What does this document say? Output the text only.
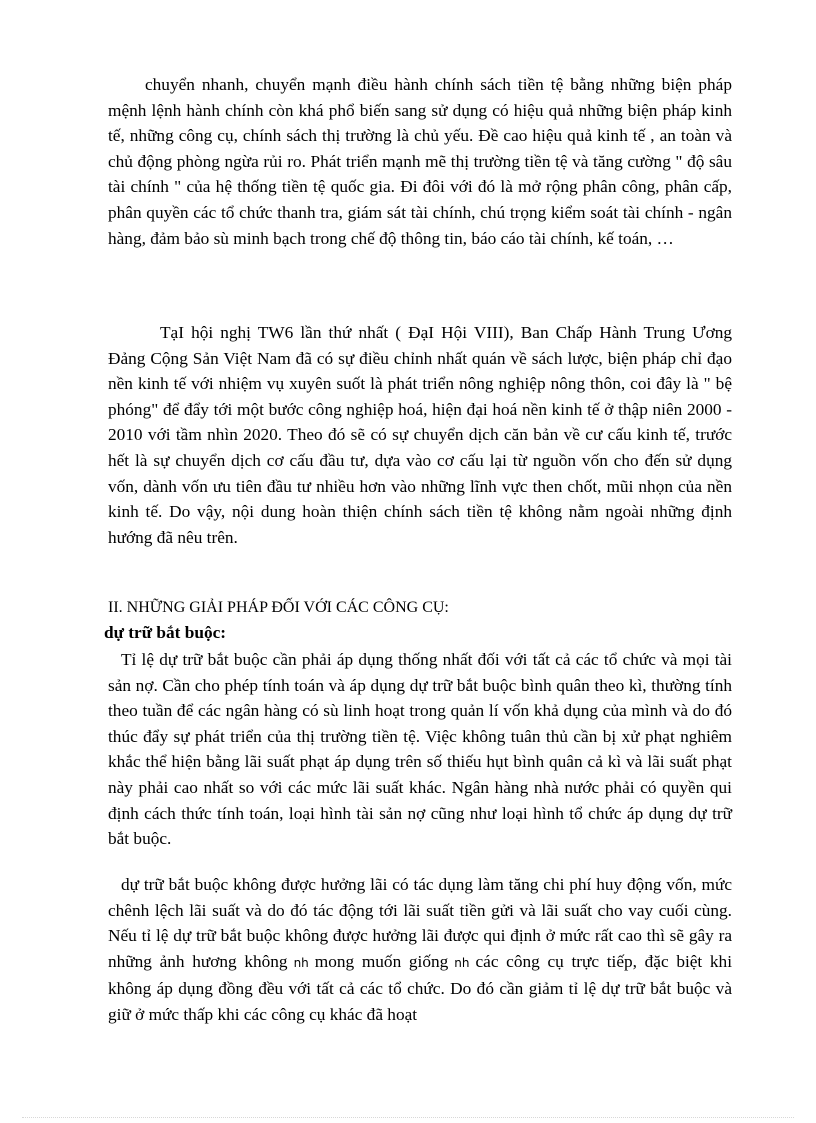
chuyển nhanh, chuyển mạnh điều hành chính sách tiền tệ bằng những biện pháp mệnh lệnh hành chính còn khá phổ biến sang sử dụng có hiệu quả những biện pháp kinh tế, những công cụ, chính sách thị trường là chủ yếu. Đề cao hiệu quả kinh tế , an toàn và chủ động phòng ngừa rủi ro. Phát triển mạnh mẽ thị trường tiền tệ và tăng cường " độ sâu tài chính " của hệ thống tiền tệ quốc gia. Đi đôi với đó là mở rộng phân công, phân cấp, phân quyền các tổ chức thanh tra, giám sát tài chính, chú trọng kiểm soát tài chính - ngân hàng, đảm bảo sù minh bạch trong chế độ thông tin, báo cáo tài chính, kế toán, …

TạI hội nghị TW6 lần thứ nhất ( ĐạI Hội VIII), Ban Chấp Hành Trung Ương Đảng Cộng Sản Việt Nam đã có sự điều chỉnh nhất quán về sách lược, biện pháp chỉ đạo nền kinh tế với nhiệm vụ xuyên suốt là phát triển nông nghiệp nông thôn, coi đây là " bệ phóng" để đẩy tới một bước công nghiệp hoá, hiện đại hoá nền kinh tế ở thập niên 2000 - 2010 với tầm nhìn 2020. Theo đó sẽ có sự chuyển dịch căn bản về cư cấu kinh tế, trước hết là sự chuyển dịch cơ cấu đầu tư, dựa vào cơ cấu lại từ nguồn vốn cho đến sử dụng vốn, dành vốn ưu tiên đầu tư nhiều hơn vào những lĩnh vực then chốt, mũi nhọn của nền kinh tế. Do vậy, nội dung hoàn thiện chính sách tiền tệ không nằm ngoài những định hướng đã nêu trên.

II. NHỮNG GIẢI PHÁP ĐỐI VỚI CÁC CÔNG CỤ:

dự trữ bắt buộc:

Tỉ lệ dự trữ bắt buộc cần phải áp dụng thống nhất đối với tất cả các tổ chức và mọi tài sản nợ. Cần cho phép tính toán và áp dụng dự trữ bắt buộc bình quân theo kì, thường tính theo tuần để các ngân hàng có sù linh hoạt trong quản lí vốn khả dụng của mình và do đó thúc đẩy sự phát triển của thị trường tiền tệ. Việc không tuân thủ cần bị xử phạt nghiêm khắc thể hiện bằng lãi suất phạt áp dụng trên số thiếu hụt bình quân cả kì và lãi suất phạt này phải cao nhất so với các mức lãi suất khác. Ngân hàng nhà nước phải có quyền qui định cách thức tính toán, loại hình tài sản nợ cũng như loại hình tổ chức áp dụng dự trữ bắt buộc.

dự trữ bắt buộc không được hưởng lãi có tác dụng làm tăng chi phí huy động vốn, mức chênh lệch lãi suất và do đó tác động tới lãi suất tiền gửi và lãi suất cho vay cuối cùng. Nếu tỉ lệ dự trữ bắt buộc không được hưởng lãi được qui định ở mức rất cao thì sẽ gây ra những ảnh hương không nh mong muốn giống nh các công cụ trực tiếp, đặc biệt khi không áp dụng đồng đều với tất cả các tổ chức. Do đó cần giảm tỉ lệ dự trữ bắt buộc và giữ ở mức thấp khi các công cụ khác đã hoạt
